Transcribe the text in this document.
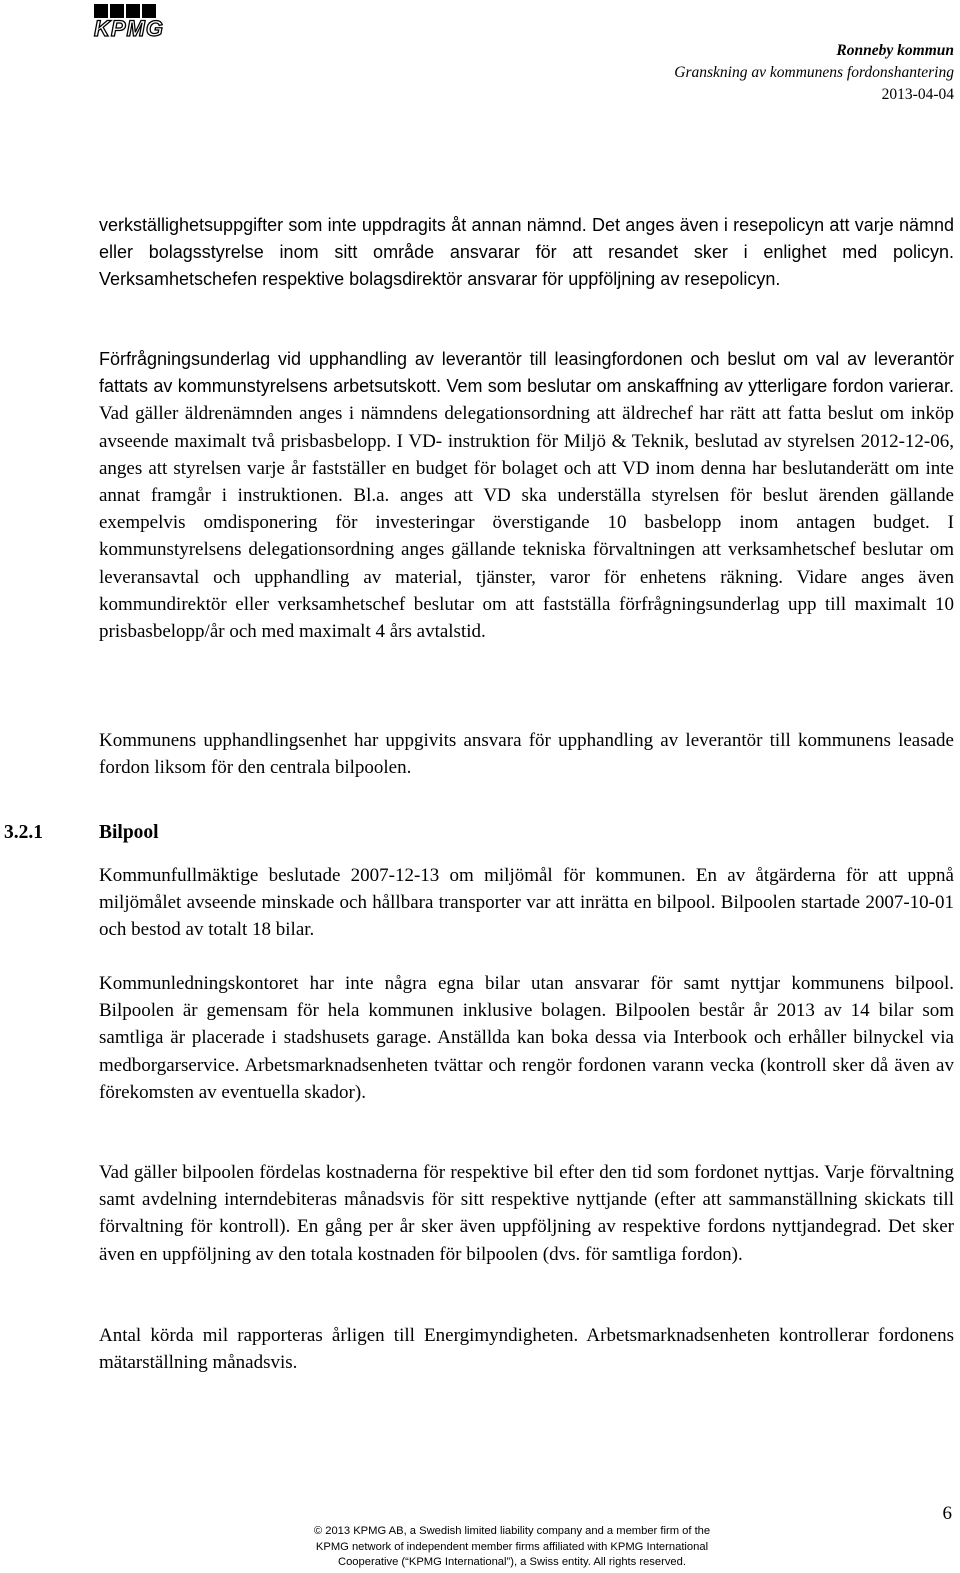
KPMG
Ronneby kommun
Granskning av kommunens fordonshantering
2013-04-04
verkställighetsuppgifter som inte uppdragits åt annan nämnd. Det anges även i resepolicyn att varje nämnd eller bolagsstyrelse inom sitt område ansvarar för att resandet sker i enlighet med policyn. Verksamhetschefen respektive bolagsdirektör ansvarar för uppföljning av resepolicyn.
Förfrågningsunderlag vid upphandling av leverantör till leasingfordonen och beslut om val av leverantör fattats av kommunstyrelsens arbetsutskott. Vem som beslutar om anskaffning av ytterligare fordon varierar. Vad gäller äldrenämnden anges i nämndens delegationsordning att äldrechef har rätt att fatta beslut om inköp avseende maximalt två prisbasbelopp. I VD- instruktion för Miljö & Teknik, beslutad av styrelsen 2012-12-06, anges att styrelsen varje år fastställer en budget för bolaget och att VD inom denna har beslutanderätt om inte annat framgår i instruktionen. Bl.a. anges att VD ska underställa styrelsen för beslut ärenden gällande exempelvis omdisponering för investeringar överstigande 10 basbelopp inom antagen budget. I kommunstyrelsens delegationsordning anges gällande tekniska förvaltningen att verksamhetschef beslutar om leveransavtal och upphandling av material, tjänster, varor för enhetens räkning. Vidare anges även kommundirektör eller verksamhetschef beslutar om att fastställa förfrågningsunderlag upp till maximalt 10 prisbasbelopp/år och med maximalt 4 års avtalstid.
Kommunens upphandlingsenhet har uppgivits ansvara för upphandling av leverantör till kommunens leasade fordon liksom för den centrala bilpoolen.
3.2.1	Bilpool
Kommunfullmäktige beslutade 2007-12-13 om miljömål för kommunen. En av åtgärderna för att uppnå miljömålet avseende minskade och hållbara transporter var att inrätta en bilpool. Bilpoolen startade 2007-10-01 och bestod av totalt 18 bilar.
Kommunledningskontoret har inte några egna bilar utan ansvarar för samt nyttjar kommunens bilpool. Bilpoolen är gemensam för hela kommunen inklusive bolagen. Bilpoolen består år 2013 av 14 bilar som samtliga är placerade i stadshusets garage. Anställda kan boka dessa via Interbook och erhåller bilnyckel via medborgarservice. Arbetsmarknadsenheten tvättar och rengör fordonen varann vecka (kontroll sker då även av förekomsten av eventuella skador).
Vad gäller bilpoolen fördelas kostnaderna för respektive bil efter den tid som fordonet nyttjas. Varje förvaltning samt avdelning interndebiteras månadsvis för sitt respektive nyttjande (efter att sammanställning skickats till förvaltning för kontroll). En gång per år sker även uppföljning av respektive fordons nyttjandegrad. Det sker även en uppföljning av den totala kostnaden för bilpoolen (dvs. för samtliga fordon).
Antal körda mil rapporteras årligen till Energimyndigheten. Arbetsmarknadsenheten kontrollerar fordonens mätarställning månadsvis.
6
© 2013 KPMG AB, a Swedish limited liability company and a member firm of the
KPMG network of independent member firms affiliated with KPMG International
Cooperative (“KPMG International”), a Swiss entity. All rights reserved.
